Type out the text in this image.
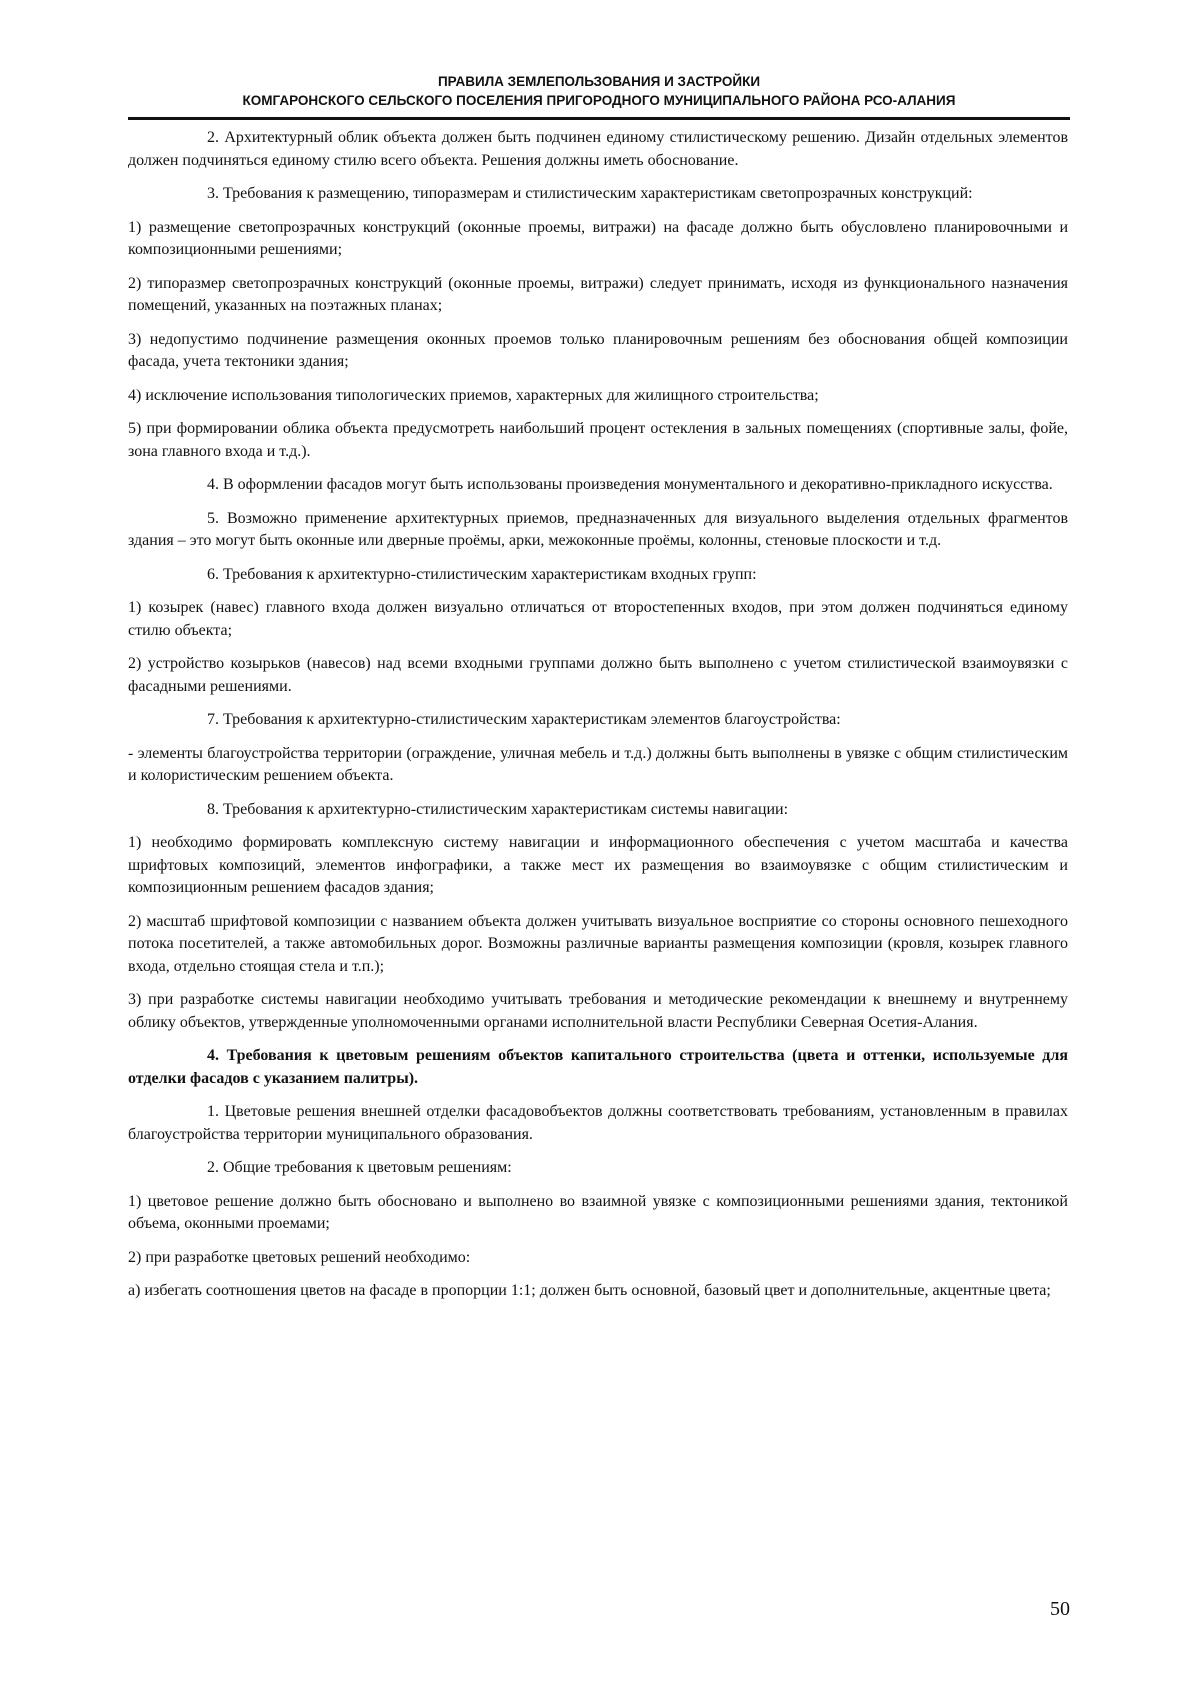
ПРАВИЛА ЗЕМЛЕПОЛЬЗОВАНИЯ И ЗАСТРОЙКИ
КОМГАРОНСКОГО СЕЛЬСКОГО ПОСЕЛЕНИЯ ПРИГОРОДНОГО МУНИЦИПАЛЬНОГО РАЙОНА РСО-АЛАНИЯ

2. Архитектурный облик объекта должен быть подчинен единому стилистическому решению. Дизайн отдельных элементов должен подчиняться единому стилю всего объекта. Решения должны иметь обоснование.

3. Требования к размещению, типоразмерам и стилистическим характеристикам светопрозрачных конструкций:

1) размещение светопрозрачных конструкций (оконные проемы, витражи) на фасаде должно быть обусловлено планировочными и композиционными решениями;

2) типоразмер светопрозрачных конструкций (оконные проемы, витражи) следует принимать, исходя из функционального назначения помещений, указанных на поэтажных планах;

3) недопустимо подчинение размещения оконных проемов только планировочным решениям без обоснования общей композиции фасада, учета тектоники здания;

4) исключение использования типологических приемов, характерных для жилищного строительства;

5) при формировании облика объекта предусмотреть наибольший процент остекления в зальных помещениях (спортивные залы, фойе, зона главного входа и т.д.).

4. В оформлении фасадов могут быть использованы произведения монументального и декоративно-прикладного искусства.

5. Возможно применение архитектурных приемов, предназначенных для визуального выделения отдельных фрагментов здания – это могут быть оконные или дверные проёмы, арки, межоконные проёмы, колонны, стеновые плоскости и т.д.

6. Требования к архитектурно-стилистическим характеристикам входных групп:

1) козырек (навес) главного входа должен визуально отличаться от второстепенных входов, при этом должен подчиняться единому стилю объекта;

2) устройство козырьков (навесов) над всеми входными группами должно быть выполнено с учетом стилистической взаимоувязки с фасадными решениями.

7. Требования к архитектурно-стилистическим характеристикам элементов благоустройства:

- элементы благоустройства территории (ограждение, уличная мебель и т.д.) должны быть выполнены в увязке с общим стилистическим и колористическим решением объекта.

8. Требования к архитектурно-стилистическим характеристикам системы навигации:

1) необходимо формировать комплексную систему навигации и информационного обеспечения с учетом масштаба и качества шрифтовых композиций, элементов инфографики, а также мест их размещения во взаимоувязке с общим стилистическим и композиционным решением фасадов здания;

2) масштаб шрифтовой композиции с названием объекта должен учитывать визуальное восприятие со стороны основного пешеходного потока посетителей, а также автомобильных дорог. Возможны различные варианты размещения композиции (кровля, козырек главного входа, отдельно стоящая стела и т.п.);

3) при разработке системы навигации необходимо учитывать требования и методические рекомендации к внешнему и внутреннему облику объектов, утвержденные уполномоченными органами исполнительной власти Республики Северная Осетия-Алания.

4. Требования к цветовым решениям объектов капитального строительства (цвета и оттенки, используемые для отделки фасадов с указанием палитры).

1. Цветовые решения внешней отделки фасадовобъектов должны соответствовать требованиям, установленным в правилах благоустройства территории муниципального образования.

2. Общие требования к цветовым решениям:

1) цветовое решение должно быть обосновано и выполнено во взаимной увязке с композиционными решениями здания, тектоникой объема, оконными проемами;

2) при разработке цветовых решений необходимо:

а) избегать соотношения цветов на фасаде в пропорции 1:1; должен быть основной, базовый цвет и дополнительные, акцентные цвета;

50
